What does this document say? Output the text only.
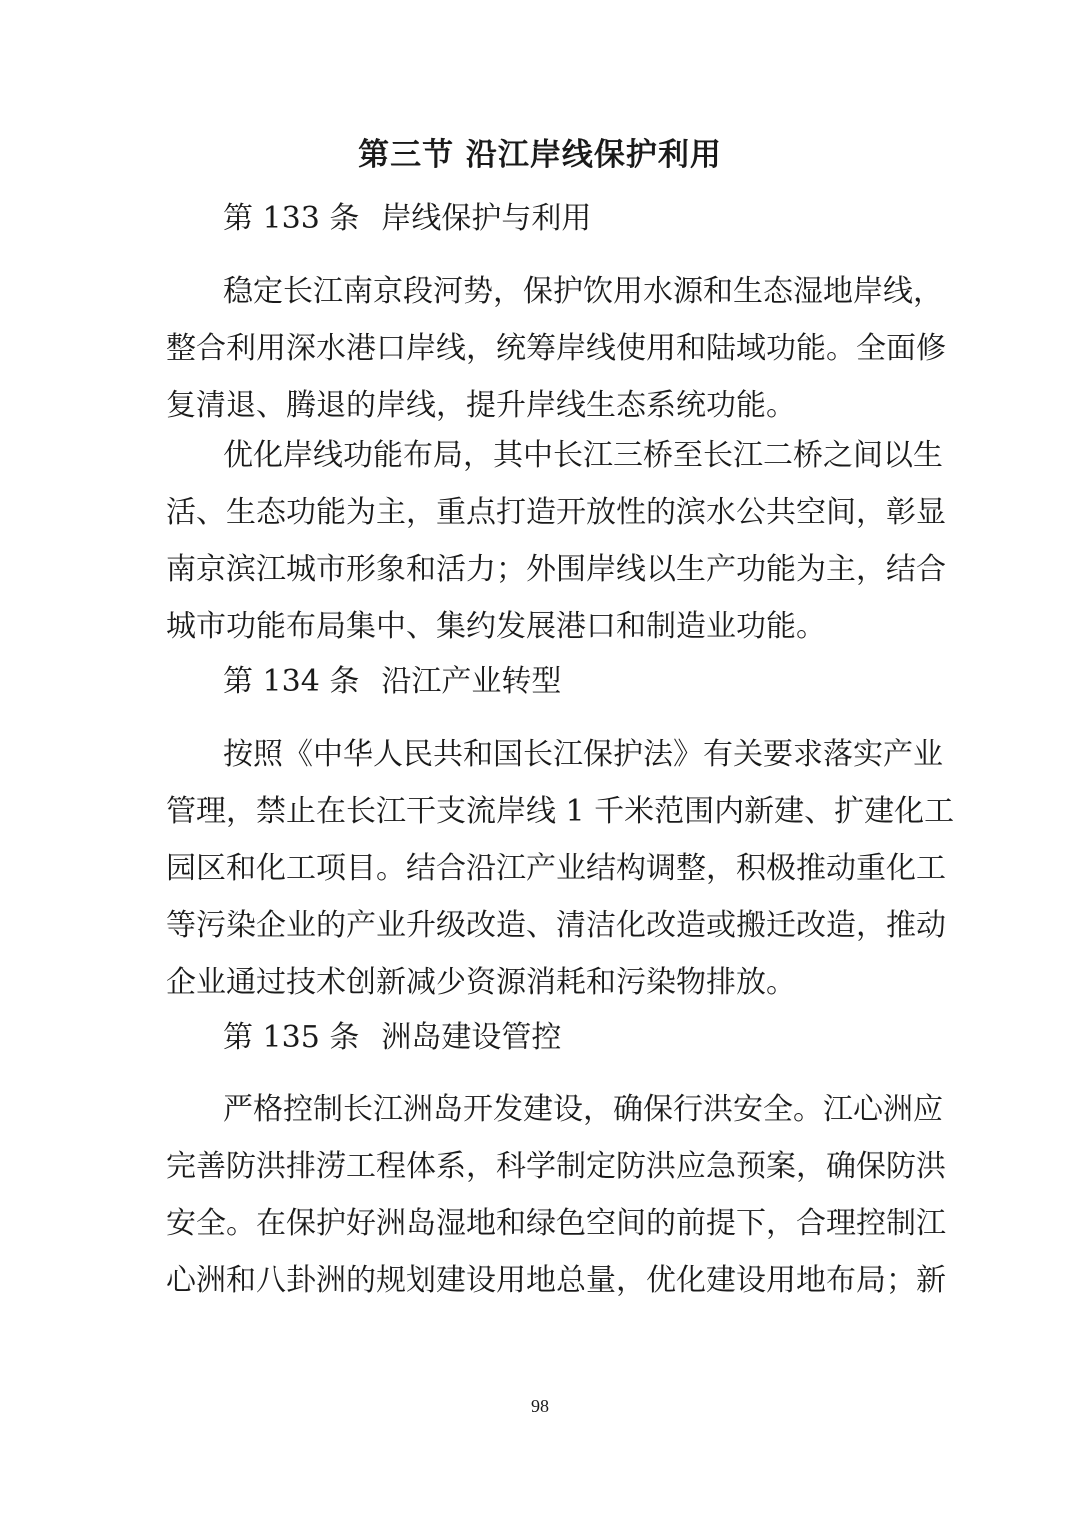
第三节 沿江岸线保护利用
第 133 条 岸线保护与利用
稳定长江南京段河势，保护饮用水源和生态湿地岸线，
整合利用深水港口岸线，统筹岸线使用和陆域功能。全面修
复清退、腾退的岸线，提升岸线生态系统功能。
优化岸线功能布局，其中长江三桥至长江二桥之间以生
活、生态功能为主，重点打造开放性的滨水公共空间，彰显
南京滨江城市形象和活力；外围岸线以生产功能为主，结合
城市功能布局集中、集约发展港口和制造业功能。
第 134 条 沿江产业转型
按照《中华人民共和国长江保护法》有关要求落实产业
管理，禁止在长江干支流岸线 1 千米范围内新建、扩建化工
园区和化工项目。结合沿江产业结构调整，积极推动重化工
等污染企业的产业升级改造、清洁化改造或搬迁改造，推动
企业通过技术创新减少资源消耗和污染物排放。
第 135 条 洲岛建设管控
严格控制长江洲岛开发建设，确保行洪安全。江心洲应
完善防洪排涝工程体系，科学制定防洪应急预案，确保防洪
安全。在保护好洲岛湿地和绿色空间的前提下，合理控制江
心洲和八卦洲的规划建设用地总量，优化建设用地布局；新
98
